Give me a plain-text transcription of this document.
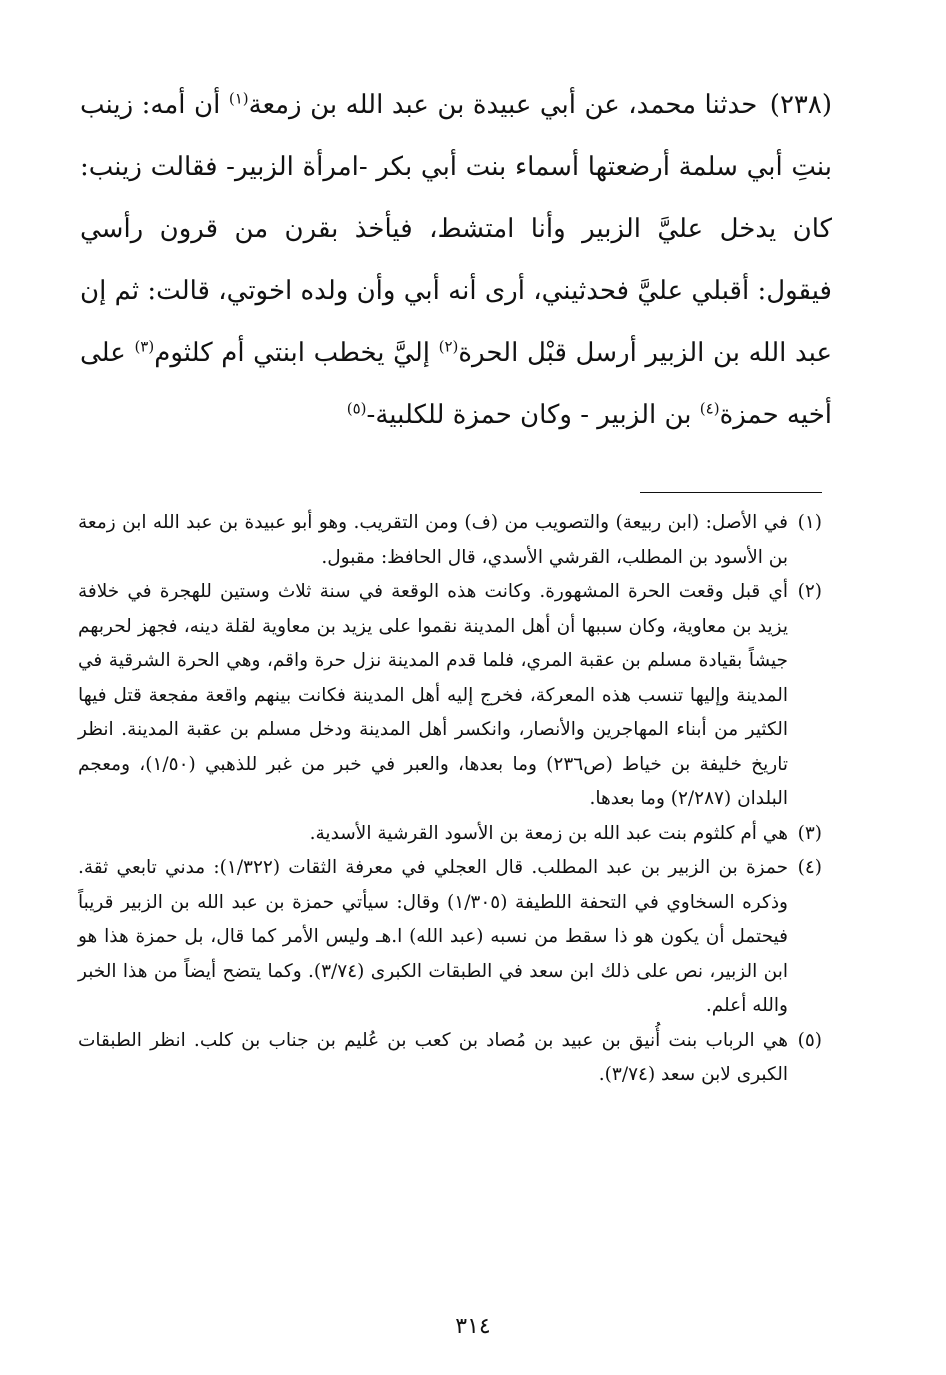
(٢٣٨) حدثنا محمد، عن أبي عبيدة بن عبد الله بن زمعة$^{(١)}$ أن أمه: زينب بنتِ أبي سلمة أرضعتها أسماء بنت أبي بكر -امرأة الزبير- فقالت زينب: كان يدخل عليَّ الزبير وأنا امتشط، فيأخذ بقرن من قرون رأسي فيقول: أقبلي عليَّ فحدثيني، أرى أنه أبي وأن ولده اخوتي، قالت: ثم إن عبد الله بن الزبير أرسل قبْل الحرة$^{(٢)}$ إليَّ يخطب ابنتي أم كلثوم$^{(٣)}$ على أخيه حمزة$^{(٤)}$ بن الزبير - وكان حمزة للكلبية-$^{(٥)}$

(١)
في الأصل: (ابن ربيعة) والتصويب من (ف) ومن التقريب. وهو أبو عبيدة بن عبد الله ابن زمعة بن الأسود بن المطلب، القرشي الأسدي، قال الحافظ: مقبول.
(٢)
أي قبل وقعت الحرة المشهورة. وكانت هذه الوقعة في سنة ثلاث وستين للهجرة في خلافة يزيد بن معاوية، وكان سببها أن أهل المدينة نقموا على يزيد بن معاوية لقلة دينه، فجهز لحربهم جيشاً بقيادة مسلم بن عقبة المري، فلما قدم المدينة نزل حرة واقم، وهي الحرة الشرقية في المدينة وإليها تنسب هذه المعركة، فخرج إليه أهل المدينة فكانت بينهم واقعة مفجعة قتل فيها الكثير من أبناء المهاجرين والأنصار، وانكسر أهل المدينة ودخل مسلم بن عقبة المدينة. انظر تاريخ خليفة بن خياط (ص٢٣٦) وما بعدها، والعبر في خبر من غبر للذهبي (١/٥٠)، ومعجم البلدان (٢/٢٨٧) وما بعدها.
(٣)
هي أم كلثوم بنت عبد الله بن زمعة بن الأسود القرشية الأسدية.
(٤)
حمزة بن الزبير بن عبد المطلب. قال العجلي في معرفة الثقات (١/٣٢٢): مدني تابعي ثقة. وذكره السخاوي في التحفة اللطيفة (١/٣٠٥) وقال: سيأتي حمزة بن عبد الله بن الزبير قريباً فيحتمل أن يكون هو ذا سقط من نسبه (عبد الله) ا.هـ وليس الأمر كما قال، بل حمزة هذا هو ابن الزبير، نص على ذلك ابن سعد في الطبقات الكبرى (٣/٧٤). وكما يتضح أيضاً من هذا الخبر والله أعلم.
(٥)
هي الرباب بنت أُنيق بن عبيد بن مُصاد بن كعب بن عُليم بن جناب بن كلب. انظر الطبقات الكبرى لابن سعد (٣/٧٤).
٣١٤
